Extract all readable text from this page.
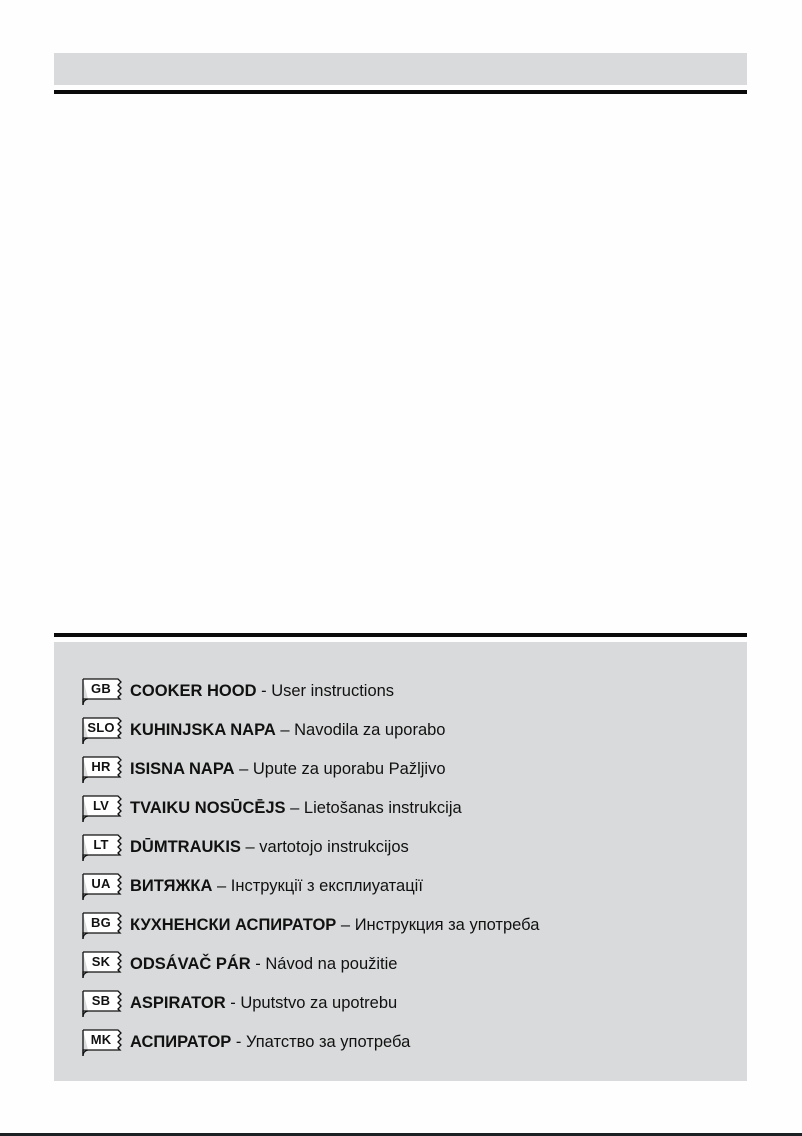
GB	COOKER HOOD - User instructions
SLO KUHINJSKA NAPA – Navodila za uporabo
HR	ISISNA NAPA – Upute za uporabu Pažljivo
LV	TVAIKU NOSŪCĒJS – Lietošanas instrukcija
LT	DŪMTRAUKIS – vartotojo instrukcijos
UA	ВИТЯЖКА – Інструкції з експлиуатації
BG	КУХНЕНСКИ АСПИРАТОР – Инструкция за употреба
SK	ODSÁVAČ PÁR - Návod na použitie
SB	ASPIRATOR - Uputstvo za upotrebu
MK	АСПИРАТОР - Упатство за употреба
